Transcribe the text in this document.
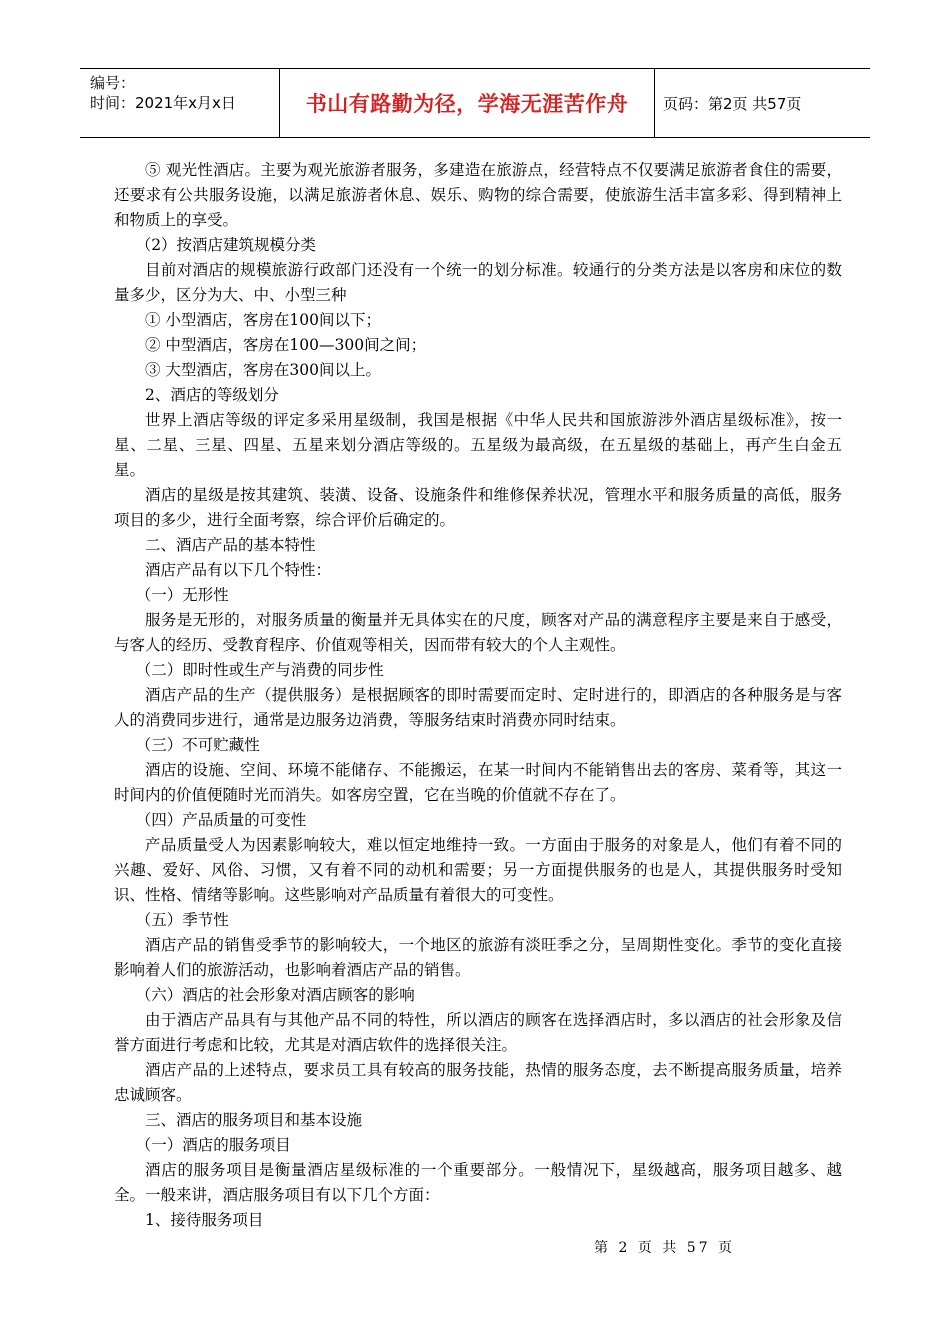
编号：
时间：2021年x月x日	书山有路勤为径，学海无涯苦作舟	页码：第2页 共57页

⑤ 观光性酒店。主要为观光旅游者服务，多建造在旅游点，经营特点不仅要满足旅游者食住的需要，还要求有公共服务设施，以满足旅游者休息、娱乐、购物的综合需要，使旅游生活丰富多彩、得到精神上和物质上的享受。

（2）按酒店建筑规模分类

目前对酒店的规模旅游行政部门还没有一个统一的划分标准。较通行的分类方法是以客房和床位的数量多少，区分为大、中、小型三种

① 小型酒店，客房在100间以下；

② 中型酒店，客房在100—300间之间；

③ 大型酒店，客房在300间以上。

2、酒店的等级划分

世界上酒店等级的评定多采用星级制，我国是根据《中华人民共和国旅游涉外酒店星级标准》，按一星、二星、三星、四星、五星来划分酒店等级的。五星级为最高级，在五星级的基础上，再产生白金五星。

酒店的星级是按其建筑、装潢、设备、设施条件和维修保养状况，管理水平和服务质量的高低，服务项目的多少，进行全面考察，综合评价后确定的。

二、酒店产品的基本特性

酒店产品有以下几个特性：

（一）无形性

服务是无形的，对服务质量的衡量并无具体实在的尺度，顾客对产品的满意程序主要是来自于感受，与客人的经历、受教育程序、价值观等相关，因而带有较大的个人主观性。

（二）即时性或生产与消费的同步性

酒店产品的生产（提供服务）是根据顾客的即时需要而定时、定时进行的，即酒店的各种服务是与客人的消费同步进行，通常是边服务边消费，等服务结束时消费亦同时结束。

（三）不可贮藏性

酒店的设施、空间、环境不能储存、不能搬运，在某一时间内不能销售出去的客房、菜肴等，其这一时间内的价值便随时光而消失。如客房空置，它在当晚的价值就不存在了。

（四）产品质量的可变性

产品质量受人为因素影响较大，难以恒定地维持一致。一方面由于服务的对象是人，他们有着不同的兴趣、爱好、风俗、习惯，又有着不同的动机和需要；另一方面提供服务的也是人，其提供服务时受知识、性格、情绪等影响。这些影响对产品质量有着很大的可变性。

（五）季节性

酒店产品的销售受季节的影响较大，一个地区的旅游有淡旺季之分，呈周期性变化。季节的变化直接影响着人们的旅游活动，也影响着酒店产品的销售。

（六）酒店的社会形象对酒店顾客的影响

由于酒店产品具有与其他产品不同的特性，所以酒店的顾客在选择酒店时，多以酒店的社会形象及信誉方面进行考虑和比较，尤其是对酒店软件的选择很关注。

酒店产品的上述特点，要求员工具有较高的服务技能，热情的服务态度，去不断提高服务质量，培养忠诚顾客。

三、酒店的服务项目和基本设施

（一）酒店的服务项目

酒店的服务项目是衡量酒店星级标准的一个重要部分。一般情况下，星级越高，服务项目越多、越全。一般来讲，酒店服务项目有以下几个方面：

1、接待服务项目

第 2 页 共 57 页
